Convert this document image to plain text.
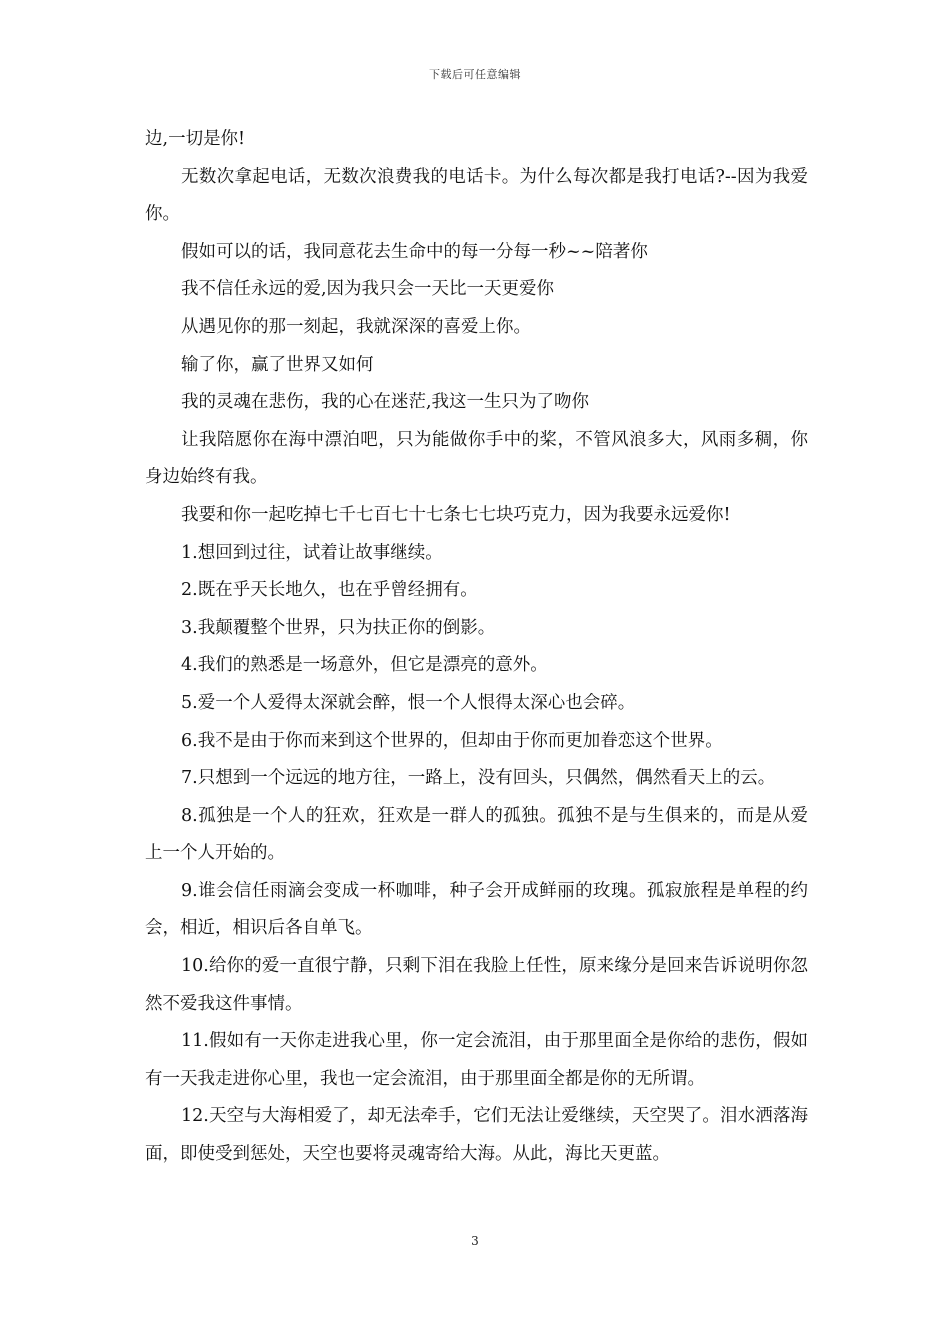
下载后可任意编辑

边,一切是你!

无数次拿起电话，无数次浪费我的电话卡。为什么每次都是我打电话?--因为我爱你。

假如可以的话，我同意花去生命中的每一分每一秒~~陪著你

我不信任永远的爱,因为我只会一天比一天更爱你

从遇见你的那一刻起，我就深深的喜爱上你。

输了你，赢了世界又如何

我的灵魂在悲伤，我的心在迷茫,我这一生只为了吻你

让我陪愿你在海中漂泊吧，只为能做你手中的桨，不管风浪多大，风雨多稠，你身边始终有我。

我要和你一起吃掉七千七百七十七条七七块巧克力，因为我要永远爱你!

1.想回到过往，试着让故事继续。

2.既在乎天长地久，也在乎曾经拥有。

3.我颠覆整个世界，只为扶正你的倒影。

4.我们的熟悉是一场意外，但它是漂亮的意外。

5.爱一个人爱得太深就会醉，恨一个人恨得太深心也会碎。

6.我不是由于你而来到这个世界的，但却由于你而更加眷恋这个世界。

7.只想到一个远远的地方往，一路上，没有回头，只偶然，偶然看天上的云。

8.孤独是一个人的狂欢，狂欢是一群人的孤独。孤独不是与生俱来的，而是从爱上一个人开始的。

9.谁会信任雨滴会变成一杯咖啡，种子会开成鲜丽的玫瑰。孤寂旅程是单程的约会，相近，相识后各自单飞。

10.给你的爱一直很宁静，只剩下泪在我脸上任性，原来缘分是回来告诉说明你忽然不爱我这件事情。

11.假如有一天你走进我心里，你一定会流泪，由于那里面全是你给的悲伤，假如有一天我走进你心里，我也一定会流泪，由于那里面全都是你的无所谓。

12.天空与大海相爱了，却无法牵手，它们无法让爱继续，天空哭了。泪水洒落海面，即使受到惩处，天空也要将灵魂寄给大海。从此，海比天更蓝。

3
